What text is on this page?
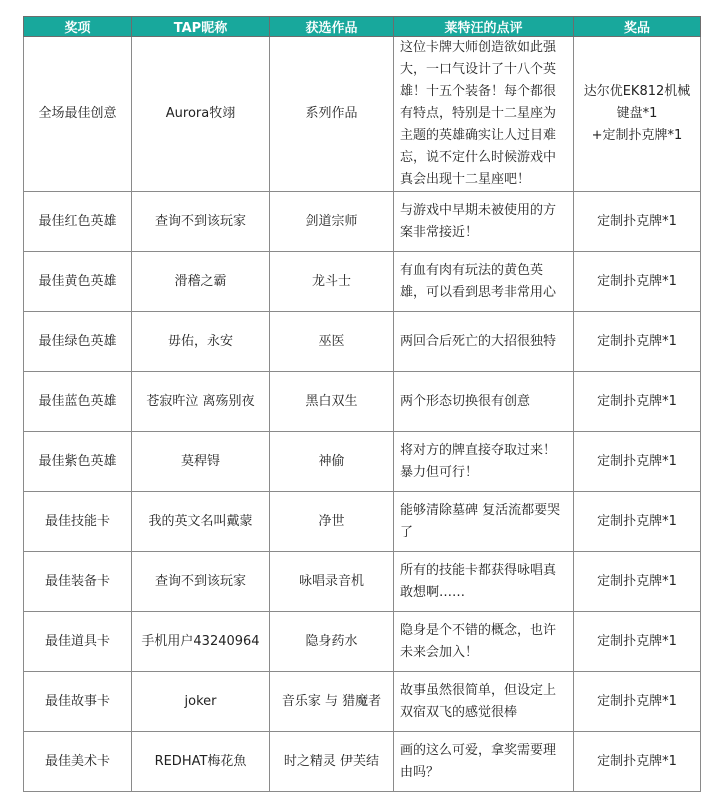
奖项	TAP昵称	获选作品	莱特汪的点评	奖品
全场最佳创意	Aurora牧翊	系列作品	这位卡牌大师创造欲如此强大，一口气设计了十八个英雄！十五个装备！每个都很有特点，特别是十二星座为主题的英雄确实让人过目难忘，说不定什么时候游戏中真会出现十二星座吧！	达尔优EK812机械
键盘*1
+定制扑克牌*1

最佳红色英雄	查询不到该玩家	剑道宗师	与游戏中早期未被使用的方案非常接近！	定制扑克牌*1

最佳黄色英雄	滑稽之霸	龙斗士	有血有肉有玩法的黄色英雄，可以看到思考非常用心	定制扑克牌*1

最佳绿色英雄	毋佑，永安	巫医	两回合后死亡的大招很独特	定制扑克牌*1

最佳蓝色英雄	苍寂旿泣 离殇别夜	黑白双生	两个形态切换很有创意	定制扑克牌*1

最佳紫色英雄	莫稈锝	神偷	将对方的牌直接夺取过来！暴力但可行！	定制扑克牌*1

最佳技能卡	我的英文名叫戴蒙	净世	能够清除墓碑 复活流都要哭了	定制扑克牌*1

最佳装备卡	查询不到该玩家	咏唱录音机	所有的技能卡都获得咏唱真敢想啊……	定制扑克牌*1

最佳道具卡	手机用户43240964	隐身药水	隐身是个不错的概念，也许未来会加入！	定制扑克牌*1

最佳故事卡	joker	音乐家 与 猎魔者	故事虽然很简单，但设定上双宿双飞的感觉很棒	定制扑克牌*1

最佳美术卡	REDHAT梅花魚	时之精灵 伊芙结	画的这么可爱，拿奖需要理由吗？	定制扑克牌*1
